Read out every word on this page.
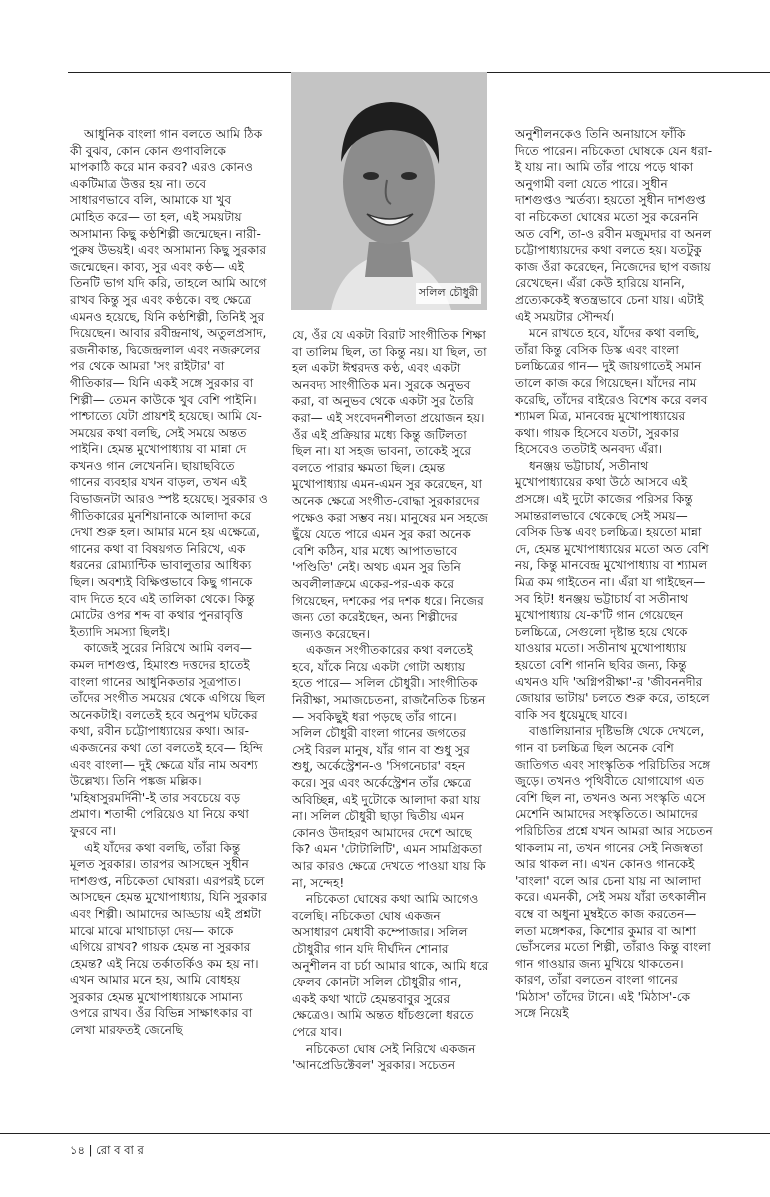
আধুনিক বাংলা গান বলতে আমি ঠিক কী বুঝব, কোন কোন গুণাবলিকে মাপকাঠি করে মান করব? এরও কোনও একটিমাত্র উত্তর হয় না। তবে সাধারণভাবে বলি, আমাকে যা খুব মোহিত করে— তা হল, এই সময়টায় অসামান্য কিছু কণ্ঠশিল্পী জন্মেছেন। নারী-পুরুষ উভয়ই। এবং অসামান্য কিছু সুরকার জন্মেছেন। কাব্য, সুর এবং কণ্ঠ— এই তিনটি ভাগ যদি করি, তাহলে আমি আগে রাখব কিন্তু সুর এবং কণ্ঠকে। বহু ক্ষেত্রে এমনও হয়েছে, যিনি কণ্ঠশিল্পী, তিনিই সুর দিয়েছেন। আবার রবীন্দ্রনাথ, অতুলপ্রসাদ, রজনীকান্ত, দ্বিজেন্দ্রলাল এবং নজরুলের পর থেকে আমরা 'সং রাইটার' বা গীতিকার— যিনি একই সঙ্গে সুরকার বা শিল্পী— তেমন কাউকে খুব বেশি পাইনি। পাশ্চাত্যে যেটা প্রায়শই হয়েছে। আমি যে-সময়ের কথা বলছি, সেই সময়ে অন্তত পাইনি। হেমন্ত মুখোপাধ্যায় বা মান্না দে কখনও গান লেখেননি। ছায়াছবিতে গানের ব্যবহার যখন বাড়ল, তখন এই বিভাজনটা আরও স্পষ্ট হয়েছে। সুরকার ও গীতিকারের মুনশিয়ানাকে আলাদা করে দেখা শুরু হল। আমার মনে হয় এক্ষেত্রে, গানের কথা বা বিষয়গত নিরিখে, এক ধরনের রোম্যান্টিক ভাবালুতার আধিক্য ছিল। অবশ্যই বিক্ষিপ্তভাবে কিছু গানকে বাদ দিতে হবে এই তালিকা থেকে। কিন্তু মোটের ওপর শব্দ বা কথার পুনরাবৃত্তি ইত্যাদি সমস্যা ছিলই।

কাজেই সুরের নিরিখে আমি বলব— কমল দাশগুপ্ত, হিমাংশু দত্তদের হাতেই বাংলা গানের আধুনিকতার সূত্রপাত। তাঁদের সংগীত সময়ের থেকে এগিয়ে ছিল অনেকটাই। বলতেই হবে অনুপম ঘটকের কথা, রবীন চট্টোপাধ্যায়ের কথা। আর-একজনের কথা তো বলতেই হবে— হিন্দি এবং বাংলা— দুই ক্ষেত্রে যাঁর নাম অবশ্য উল্লেখ্য। তিনি পঙ্কজ মল্লিক। 'মহিষাসুরমর্দিনী'-ই তার সবচেয়ে বড় প্রমাণ। শতাব্দী পেরিয়েও যা নিয়ে কথা ফুরবে না।

এই যাঁদের কথা বলছি, তাঁরা কিন্তু মূলত সুরকার। তারপর আসছেন সুধীন দাশগুপ্ত, নচিকেতা ঘোষরা। এরপরই চলে আসছেন হেমন্ত মুখোপাধ্যায়, যিনি সুরকার এবং শিল্পী। আমাদের আড্ডায় এই প্রশ্নটা মাঝে মাঝে মাথাচাড়া দেয়— কাকে এগিয়ে রাখব? গায়ক হেমন্ত না সুরকার হেমন্ত? এই নিয়ে তর্কাতর্কিও কম হয় না। এখন আমার মনে হয়, আমি বোধহয় সুরকার হেমন্ত মুখোপাধ্যায়কে সামান্য ওপরে রাখব। ওঁর বিভিন্ন সাক্ষাৎকার বা লেখা মারফতই জেনেছি

সলিল চৌধুরী

যে, ওঁর যে একটা বিরাট সাংগীতিক শিক্ষা বা তালিম ছিল, তা কিন্তু নয়। যা ছিল, তা হল একটা ঈশ্বরদত্ত কণ্ঠ, এবং একটা অনবদ্য সাংগীতিক মন। সুরকে অনুভব করা, বা অনুভব থেকে একটা সুর তৈরি করা— এই সংবেদনশীলতা প্রয়োজন হয়। ওঁর এই প্রক্রিয়ার মধ্যে কিন্তু জটিলতা ছিল না। যা সহজ ভাবনা, তাকেই সুরে বলতে পারার ক্ষমতা ছিল। হেমন্ত মুখোপাধ্যায় এমন-এমন সুর করেছেন, যা অনেক ক্ষেত্রে সংগীত-বোদ্ধা সুরকারদের পক্ষেও করা সম্ভব নয়। মানুষের মন সহজে ছুঁয়ে যেতে পারে এমন সুর করা অনেক বেশি কঠিন, যার মধ্যে আপাতভাবে 'পণ্ডিতি' নেই। অথচ এমন সুর তিনি অবলীলাক্রমে একের-পর-এক করে গিয়েছেন, দশকের পর দশক ধরে। নিজের জন্য তো করেইছেন, অন্য শিল্পীদের জন্যও করেছেন।

একজন সংগীতকারের কথা বলতেই হবে, যাঁকে নিয়ে একটা গোটা অধ্যায় হতে পারে— সলিল চৌধুরী। সাংগীতিক নিরীক্ষা, সমাজচেতনা, রাজনৈতিক চিন্তন— সবকিছুই ধরা পড়ছে তাঁর গানে। সলিল চৌধুরী বাংলা গানের জগতের সেই বিরল মানুষ, যাঁর গান বা শুধু সুর শুধু, অর্কেস্ট্রেশন-ও 'সিগনেচার' বহন করে। সুর এবং অর্কেস্ট্রেশন তাঁর ক্ষেত্রে অবিচ্ছিন্ন, এই দুটোকে আলাদা করা যায় না। সলিল চৌধুরী ছাড়া দ্বিতীয় এমন কোনও উদাহরণ আমাদের দেশে আছে কি? এমন 'টোটালিটি', এমন সামগ্রিকতা আর কারও ক্ষেত্রে দেখতে পাওয়া যায় কি না, সন্দেহ!

নচিকেতা ঘোষের কথা আমি আগেও বলেছি। নচিকেতা ঘোষ একজন অসাধারণ মেধাবী কম্পোজার। সলিল চৌধুরীর গান যদি দীর্ঘদিন শোনার অনুশীলন বা চর্চা আমার থাকে, আমি ধরে ফেলব কোনটা সলিল চৌধুরীর গান, একই কথা খাটে হেমন্তবাবুর সুরের ক্ষেত্রেও। আমি অন্তত ধাঁচগুলো ধরতে পেরে যাব।

নচিকেতা ঘোষ সেই নিরিখে একজন 'আনপ্রেডিক্টেবল' সুরকার। সচেতন

অনুশীলনকেও তিনি অনায়াসে ফাঁকি দিতে পারেন। নচিকেতা ঘোষকে যেন ধরা-ই যায় না। আমি তাঁর পায়ে পড়ে থাকা অনুগামী বলা যেতে পারে। সুধীন দাশগুপ্তও স্মর্তব্য। হয়তো সুধীন দাশগুপ্ত বা নচিকেতা ঘোষের মতো সুর করেননি অত বেশি, তা-ও রবীন মজুমদার বা অনল চট্টোপাধ্যায়দের কথা বলতে হয়। যতটুকু কাজ ওঁরা করেছেন, নিজেদের ছাপ বজায় রেখেছেন। এঁরা কেউ হারিয়ে যাননি, প্রত্যেককেই স্বতন্ত্রভাবে চেনা যায়। এটাই এই সময়টার সৌন্দর্য।

মনে রাখতে হবে, যাঁদের কথা বলছি, তাঁরা কিন্তু বেসিক ডিস্ক এবং বাংলা চলচ্চিত্রের গান— দুই জায়গাতেই সমান তালে কাজ করে গিয়েছেন। যাঁদের নাম করেছি, তাঁদের বাইরেও বিশেষ করে বলব শ্যামল মিত্র, মানবেন্দ্র মুখোপাধ্যায়ের কথা। গায়ক হিসেবে যতটা, সুরকার হিসেবেও ততটাই অনবদ্য এঁরা।

ধনঞ্জয় ভট্টাচার্য, সতীনাথ মুখোপাধ্যায়ের কথা উঠে আসবে এই প্রসঙ্গে। এই দুটো কাজের পরিসর কিন্তু সমান্তরালভাবে থেকেছে সেই সময়— বেসিক ডিস্ক এবং চলচ্চিত্র। হয়তো মান্না দে, হেমন্ত মুখোপাধ্যায়ের মতো অত বেশি নয়, কিন্তু মানবেন্দ্র মুখোপাধ্যায় বা শ্যামল মিত্র কম গাইতেন না। এঁরা যা গাইছেন— সব হিট! ধনঞ্জয় ভট্টাচার্য বা সতীনাথ মুখোপাধ্যায় যে-ক'টি গান গেয়েছেন চলচ্চিত্রে, সেগুলো দৃষ্টান্ত হয়ে থেকে যাওয়ার মতো। সতীনাথ মুখোপাধ্যায় হয়তো বেশি গাননি ছবির জন্য, কিন্তু এখনও যদি 'অগ্নিপরীক্ষা'-র 'জীবননদীর জোয়ার ভাটায়' চলতে শুরু করে, তাহলে বাকি সব ধুয়েমুছে যাবে।

বাঙালিয়ানার দৃষ্টিভঙ্গি থেকে দেখলে, গান বা চলচ্চিত্র ছিল অনেক বেশি জাতিগত এবং সাংস্কৃতিক পরিচিতির সঙ্গে জুড়ে। তখনও পৃথিবীতে যোগাযোগ এত বেশি ছিল না, তখনও অন্য সংস্কৃতি এসে মেশেনি আমাদের সংস্কৃতিতে। আমাদের পরিচিতির প্রশ্নে যখন আমরা আর সচেতন থাকলাম না, তখন গানের সেই নিজস্বতা আর থাকল না। এখন কোনও গানকেই 'বাংলা' বলে আর চেনা যায় না আলাদা করে। এমনকী, সেই সময় যাঁরা তৎকালীন বম্বে বা অধুনা মুম্বইতে কাজ করতেন— লতা মঙ্গেশকর, কিশোর কুমার বা আশা ভোঁসলের মতো শিল্পী, তাঁরাও কিন্তু বাংলা গান গাওয়ার জন্য মুখিয়ে থাকতেন। কারণ, তাঁরা বলতেন বাংলা গানের 'মিঠাস' তাঁদের টানে। এই 'মিঠাস'-কে সঙ্গে নিয়েই

১৪ | রো ব বা র
